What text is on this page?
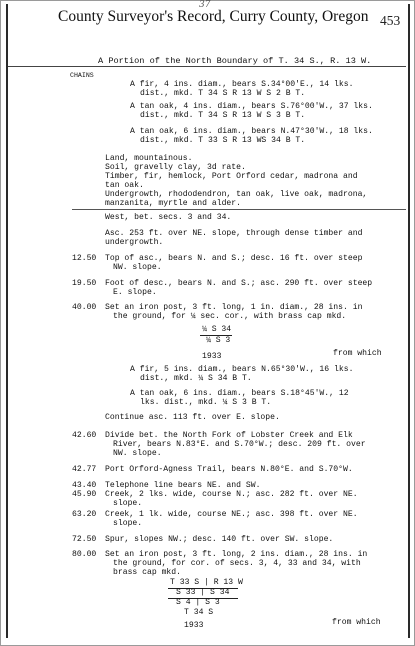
37
County Surveyor's Record, Curry County, Oregon 453
A Portion of the North Boundary of T. 34 S., R. 13 W.
CHAINS
A fir, 4 ins. diam., bears S.34°00'E., 14 lks.
dist., mkd. T 34 S R 13 W S 2 B T.
A tan oak, 4 ins. diam., bears S.76°00'W., 37 lks.
dist., mkd. T 34 S R 13 W S 3 B T.
A tan oak, 6 ins. diam., bears N.47°30'W., 18 lks.
dist., mkd. T 33 S R 13 WS 34 B T.
Land, mountainous.
Soil, gravelly clay, 3d rate.
Timber, fir, hemlock, Port Orford cedar, madrona and
tan oak.
Undergrowth, rhododendron, tan oak, live oak, madrona,
manzanita, myrtle and alder.
West, bet. secs. 3 and 34.
Asc. 253 ft. over NE. slope, through dense timber and
undergrowth.
12.50 Top of asc., bears N. and S.; desc. 16 ft. over steep
NW. slope.
19.50 Foot of desc., bears N. and S.; asc. 290 ft. over steep
E. slope.
40.00 Set an iron post, 3 ft. long, 1 in. diam., 28 ins. in
the ground, for ¼ sec. cor., with brass cap mkd.
¼ S 34
¼ S 3
1933	from which
A fir, 5 ins. diam., bears N.65°30'W., 16 lks.
dist., mkd. ¼ S 34 B T.
A tan oak, 6 ins. diam., bears S.18°45'W., 12
lks. dist., mkd. ¼ S 3 B T.
Continue asc. 113 ft. over E. slope.
42.60 Divide bet. the North Fork of Lobster Creek and Elk
River, bears N.83°E. and S.70°W.; desc. 209 ft. over
NW. slope.
42.77 Port Orford-Agness Trail, bears N.80°E. and S.70°W.
43.40 Telephone line bears NE. and SW.
45.90 Creek, 2 lks. wide, course N.; asc. 282 ft. over NE.
slope.
63.20 Creek, 1 lk. wide, course NE.; asc. 398 ft. over NE.
slope.
72.50 Spur, slopes NW.; desc. 140 ft. over SW. slope.
80.00 Set an iron post, 3 ft. long, 2 ins. diam., 28 ins. in
the ground, for cor. of secs. 3, 4, 33 and 34, with
brass cap mkd.
T 33 S | R 13 W
S 33 | S 34
S 4 | S 3
T 34 S
1933	from which
